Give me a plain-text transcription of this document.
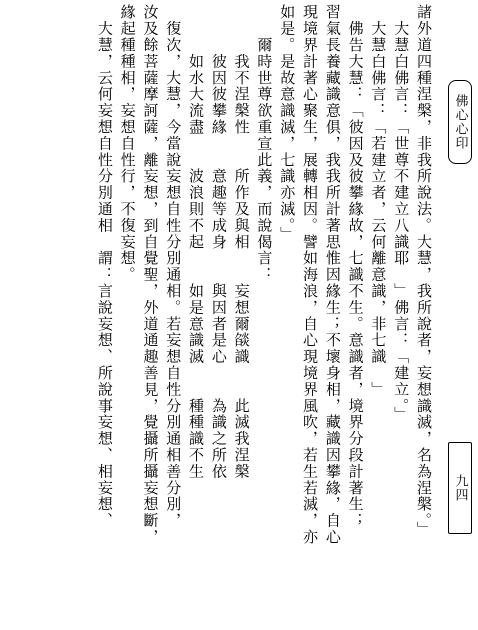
諸外道四種涅槃，非我所說法。大慧，我所說者，妄想識滅，名為涅槃。」
　大慧白佛言：「世尊不建立八識耶　」佛言：「建立。」
　大慧白佛言：「若建立者，云何離意識，非七識　」
　佛告大慧：「彼因及彼攀緣故，七識不生。意識者，境界分段計著生；
習氣長養藏識意俱，我我所計著思惟因緣生；不壞身相，藏識因攀緣，自心
現境界計著心聚生，展轉相因。譬如海浪，自心現境界風吹，若生若滅，亦
如是。是故意識滅，七識亦滅。」
　　爾時世尊欲重宣此義，而說偈言：
　　　我不涅槃性　　所作及與相　　妄想爾燄識　　此滅我涅槃
　　　彼因彼攀緣　　意趣等成身　　與因者是心　　為識之所依
　　　如水大流盡　　波浪則不起　　如是意識滅　　種種識不生
　復次，大慧，今當說妄想自性分別通相。若妄想自性分別通相善分別，
汝及餘菩薩摩訶薩，離妄想，到自覺聖，外道通趣善見，覺攝所攝妄想斷，
緣起種種相，妄想自性行，不復妄想。
　大慧，云何妄想自性分別通相　謂：言說妄想、所說事妄想、相妄想、	佛心心印
九四
